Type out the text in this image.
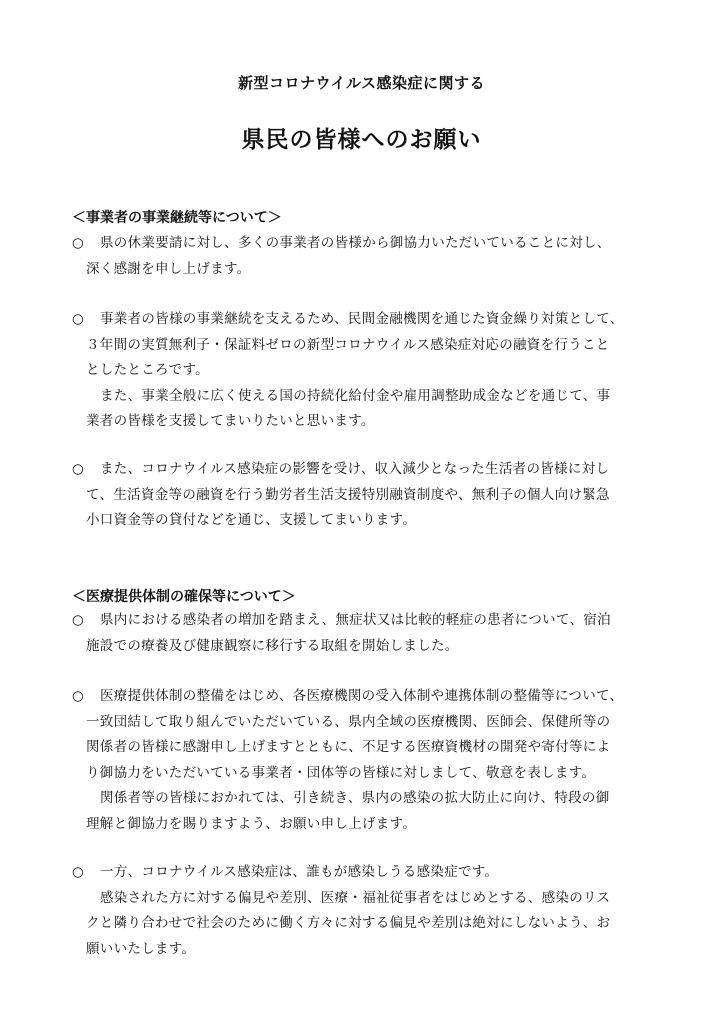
新型コロナウイルス感染症に関する
県民の皆様へのお願い
＜事業者の事業継続等について＞
○ 県の休業要請に対し、多くの事業者の皆様から御協力いただいていることに対し、
深く感謝を申し上げます。
○ 事業者の皆様の事業継続を支えるため、民間金融機関を通じた資金繰り対策として、
３年間の実質無利子・保証料ゼロの新型コロナウイルス感染症対応の融資を行うこと
としたところです。
また、事業全般に広く使える国の持続化給付金や雇用調整助成金などを通じて、事
業者の皆様を支援してまいりたいと思います。
○ また、コロナウイルス感染症の影響を受け、収入減少となった生活者の皆様に対し
て、生活資金等の融資を行う勤労者生活支援特別融資制度や、無利子の個人向け緊急
小口資金等の貸付などを通じ、支援してまいります。
＜医療提供体制の確保等について＞
○ 県内における感染者の増加を踏まえ、無症状又は比較的軽症の患者について、宿泊
施設での療養及び健康観察に移行する取組を開始しました。
○ 医療提供体制の整備をはじめ、各医療機関の受入体制や連携体制の整備等について、
一致団結して取り組んでいただいている、県内全域の医療機関、医師会、保健所等の
関係者の皆様に感謝申し上げますとともに、不足する医療資機材の開発や寄付等によ
り御協力をいただいている事業者・団体等の皆様に対しまして、敬意を表します。
関係者等の皆様におかれては、引き続き、県内の感染の拡大防止に向け、特段の御
理解と御協力を賜りますよう、お願い申し上げます。
○ 一方、コロナウイルス感染症は、誰もが感染しうる感染症です。
感染された方に対する偏見や差別、医療・福祉従事者をはじめとする、感染のリス
クと隣り合わせで社会のために働く方々に対する偏見や差別は絶対にしないよう、お
願いいたします。
